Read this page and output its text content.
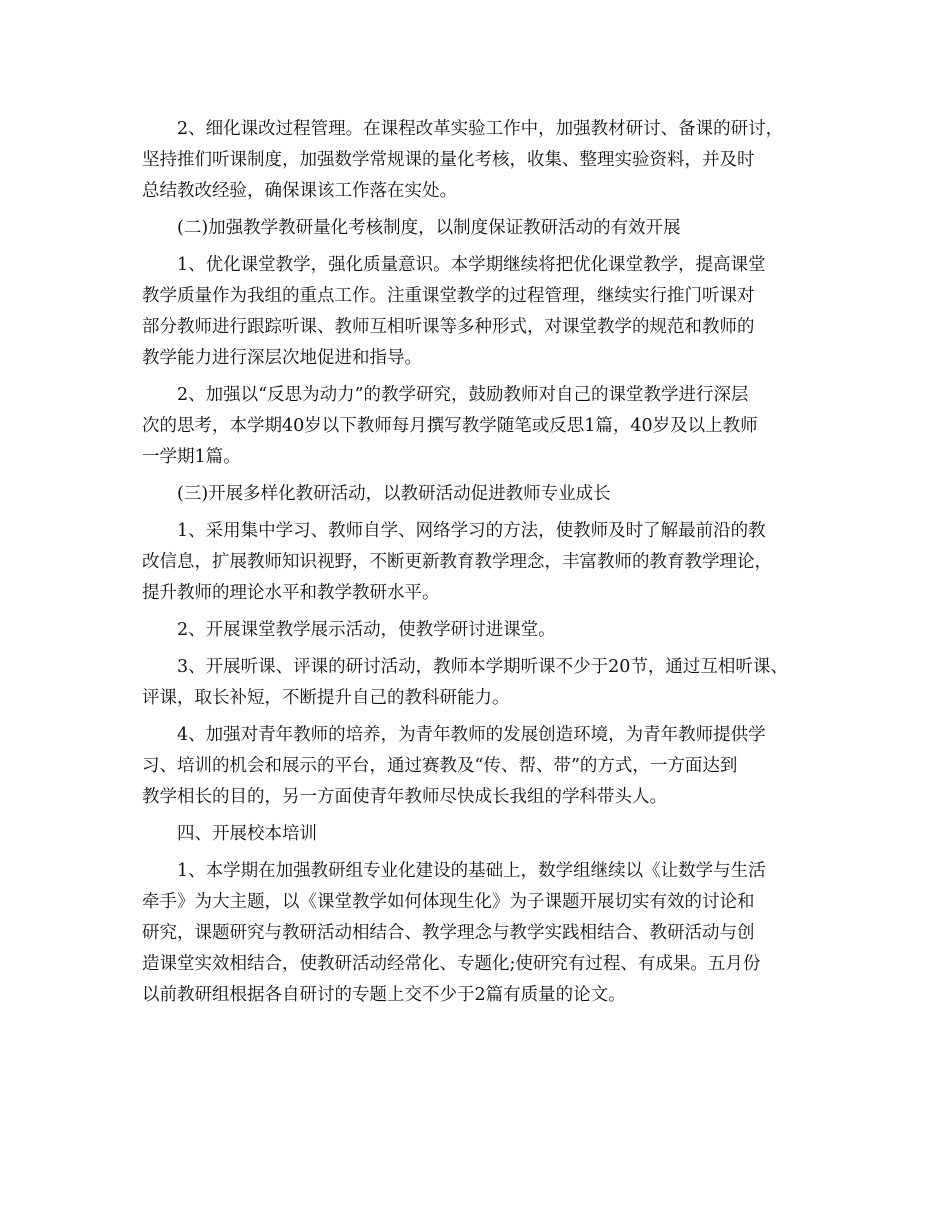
2、细化课改过程管理。在课程改革实验工作中，加强教材研讨、备课的研讨，
坚持推们听课制度，加强数学常规课的量化考核，收集、整理实验资料，并及时
总结教改经验，确保课该工作落在实处。
(二)加强教学教研量化考核制度，以制度保证教研活动的有效开展
1、优化课堂教学，强化质量意识。本学期继续将把优化课堂教学，提高课堂
教学质量作为我组的重点工作。注重课堂教学的过程管理，继续实行推门听课对
部分教师进行跟踪听课、教师互相听课等多种形式，对课堂教学的规范和教师的
教学能力进行深层次地促进和指导。
2、加强以“反思为动力”的教学研究，鼓励教师对自己的课堂教学进行深层
次的思考，本学期40岁以下教师每月撰写教学随笔或反思1篇，40岁及以上教师
一学期1篇。
(三)开展多样化教研活动，以教研活动促进教师专业成长
1、采用集中学习、教师自学、网络学习的方法，使教师及时了解最前沿的教
改信息，扩展教师知识视野，不断更新教育教学理念，丰富教师的教育教学理论，
提升教师的理论水平和教学教研水平。
2、开展课堂教学展示活动，使教学研讨进课堂。
3、开展听课、评课的研讨活动，教师本学期听课不少于20节，通过互相听课、
评课，取长补短，不断提升自己的教科研能力。
4、加强对青年教师的培养，为青年教师的发展创造环境，为青年教师提供学
习、培训的机会和展示的平台，通过赛教及“传、帮、带”的方式，一方面达到
教学相长的目的，另一方面使青年教师尽快成长我组的学科带头人。
四、开展校本培训
1、本学期在加强教研组专业化建设的基础上，数学组继续以《让数学与生活
牵手》为大主题，以《课堂教学如何体现生化》为子课题开展切实有效的讨论和
研究，课题研究与教研活动相结合、教学理念与教学实践相结合、教研活动与创
造课堂实效相结合，使教研活动经常化、专题化;使研究有过程、有成果。五月份
以前教研组根据各自研讨的专题上交不少于2篇有质量的论文。
